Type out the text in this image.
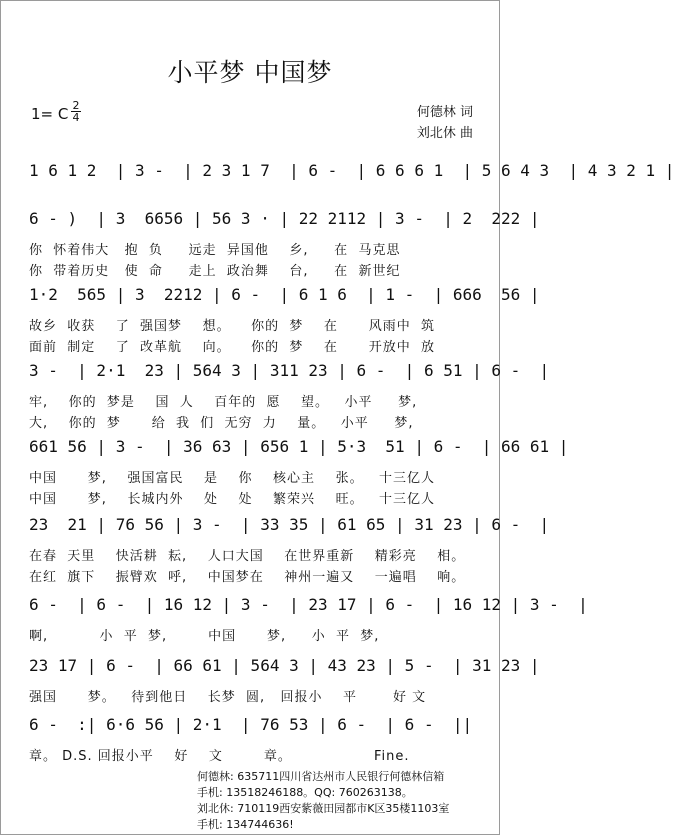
小平梦 中国梦
1= C $\frac{2}{4}$	何德林 词
刘北休 曲
1 6 1 2  | 3 -  | 2 3 1 7  | 6 -  | 6 6 6 1  | 5 6 4 3  | 4 3 2 1 |
6 - )  | 3  6656 | 56 3 · | 22 2112 | 3 -  | 2  222 |
你  怀着伟大   抱  负     远走  异国他    乡,     在  马克思
你  带着历史   使  命     走上  政治舞    台,     在  新世纪
1·2  565 | 3  2212 | 6 -  | 6 1 6  | 1 -  | 666  56 |
故乡  收获    了  强国梦    想。    你的  梦    在      风雨中  筑
面前  制定    了  改革航    向。    你的  梦    在      开放中  放
3 -  | 2·1  23 | 564 3 | 311 23 | 6 -  | 6 51 | 6 -  |
牢,    你的  梦是    国  人    百年的  愿    望。   小平     梦,
大,    你的  梦      给  我  们  无穷  力    量。   小平     梦,
661 56 | 3 -  | 36 63 | 656 1 | 5·3  51 | 6 -  | 66 61 |
中国      梦,    强国富民    是    你    核心主    张。   十三亿人
中国      梦,    长城内外    处    处    繁荣兴    旺。   十三亿人
23  21 | 76 56 | 3 -  | 33 35 | 61 65 | 31 23 | 6 -  |
在春  天里    快活耕  耘,    人口大国    在世界重新    精彩亮    相。
在红  旗下    振臂欢  呼,    中国梦在    神州一遍又    一遍唱    响。
6 -  | 6 -  | 16 12 | 3 -  | 23 17 | 6 -  | 16 12 | 3 -  |
啊,          小  平  梦,        中国      梦,     小  平  梦,
23 17 | 6 -  | 66 61 | 564 3 | 43 23 | 5 -  | 31 23 |
强国      梦。   待到他日    长梦  圆,   回报小    平       好 文
6 -  :| 6·6 56 | 2·1  | 76 53 | 6 -  | 6 -  ||
章。 D.S. 回报小平    好    文        章。                Fine.
何德林: 635711四川省达州市人民银行何德林信箱
手机: 13518246188。QQ: 760263138。
刘北休: 710119西安紫薇田园都市K区35楼1103室
手机: 134744636!
